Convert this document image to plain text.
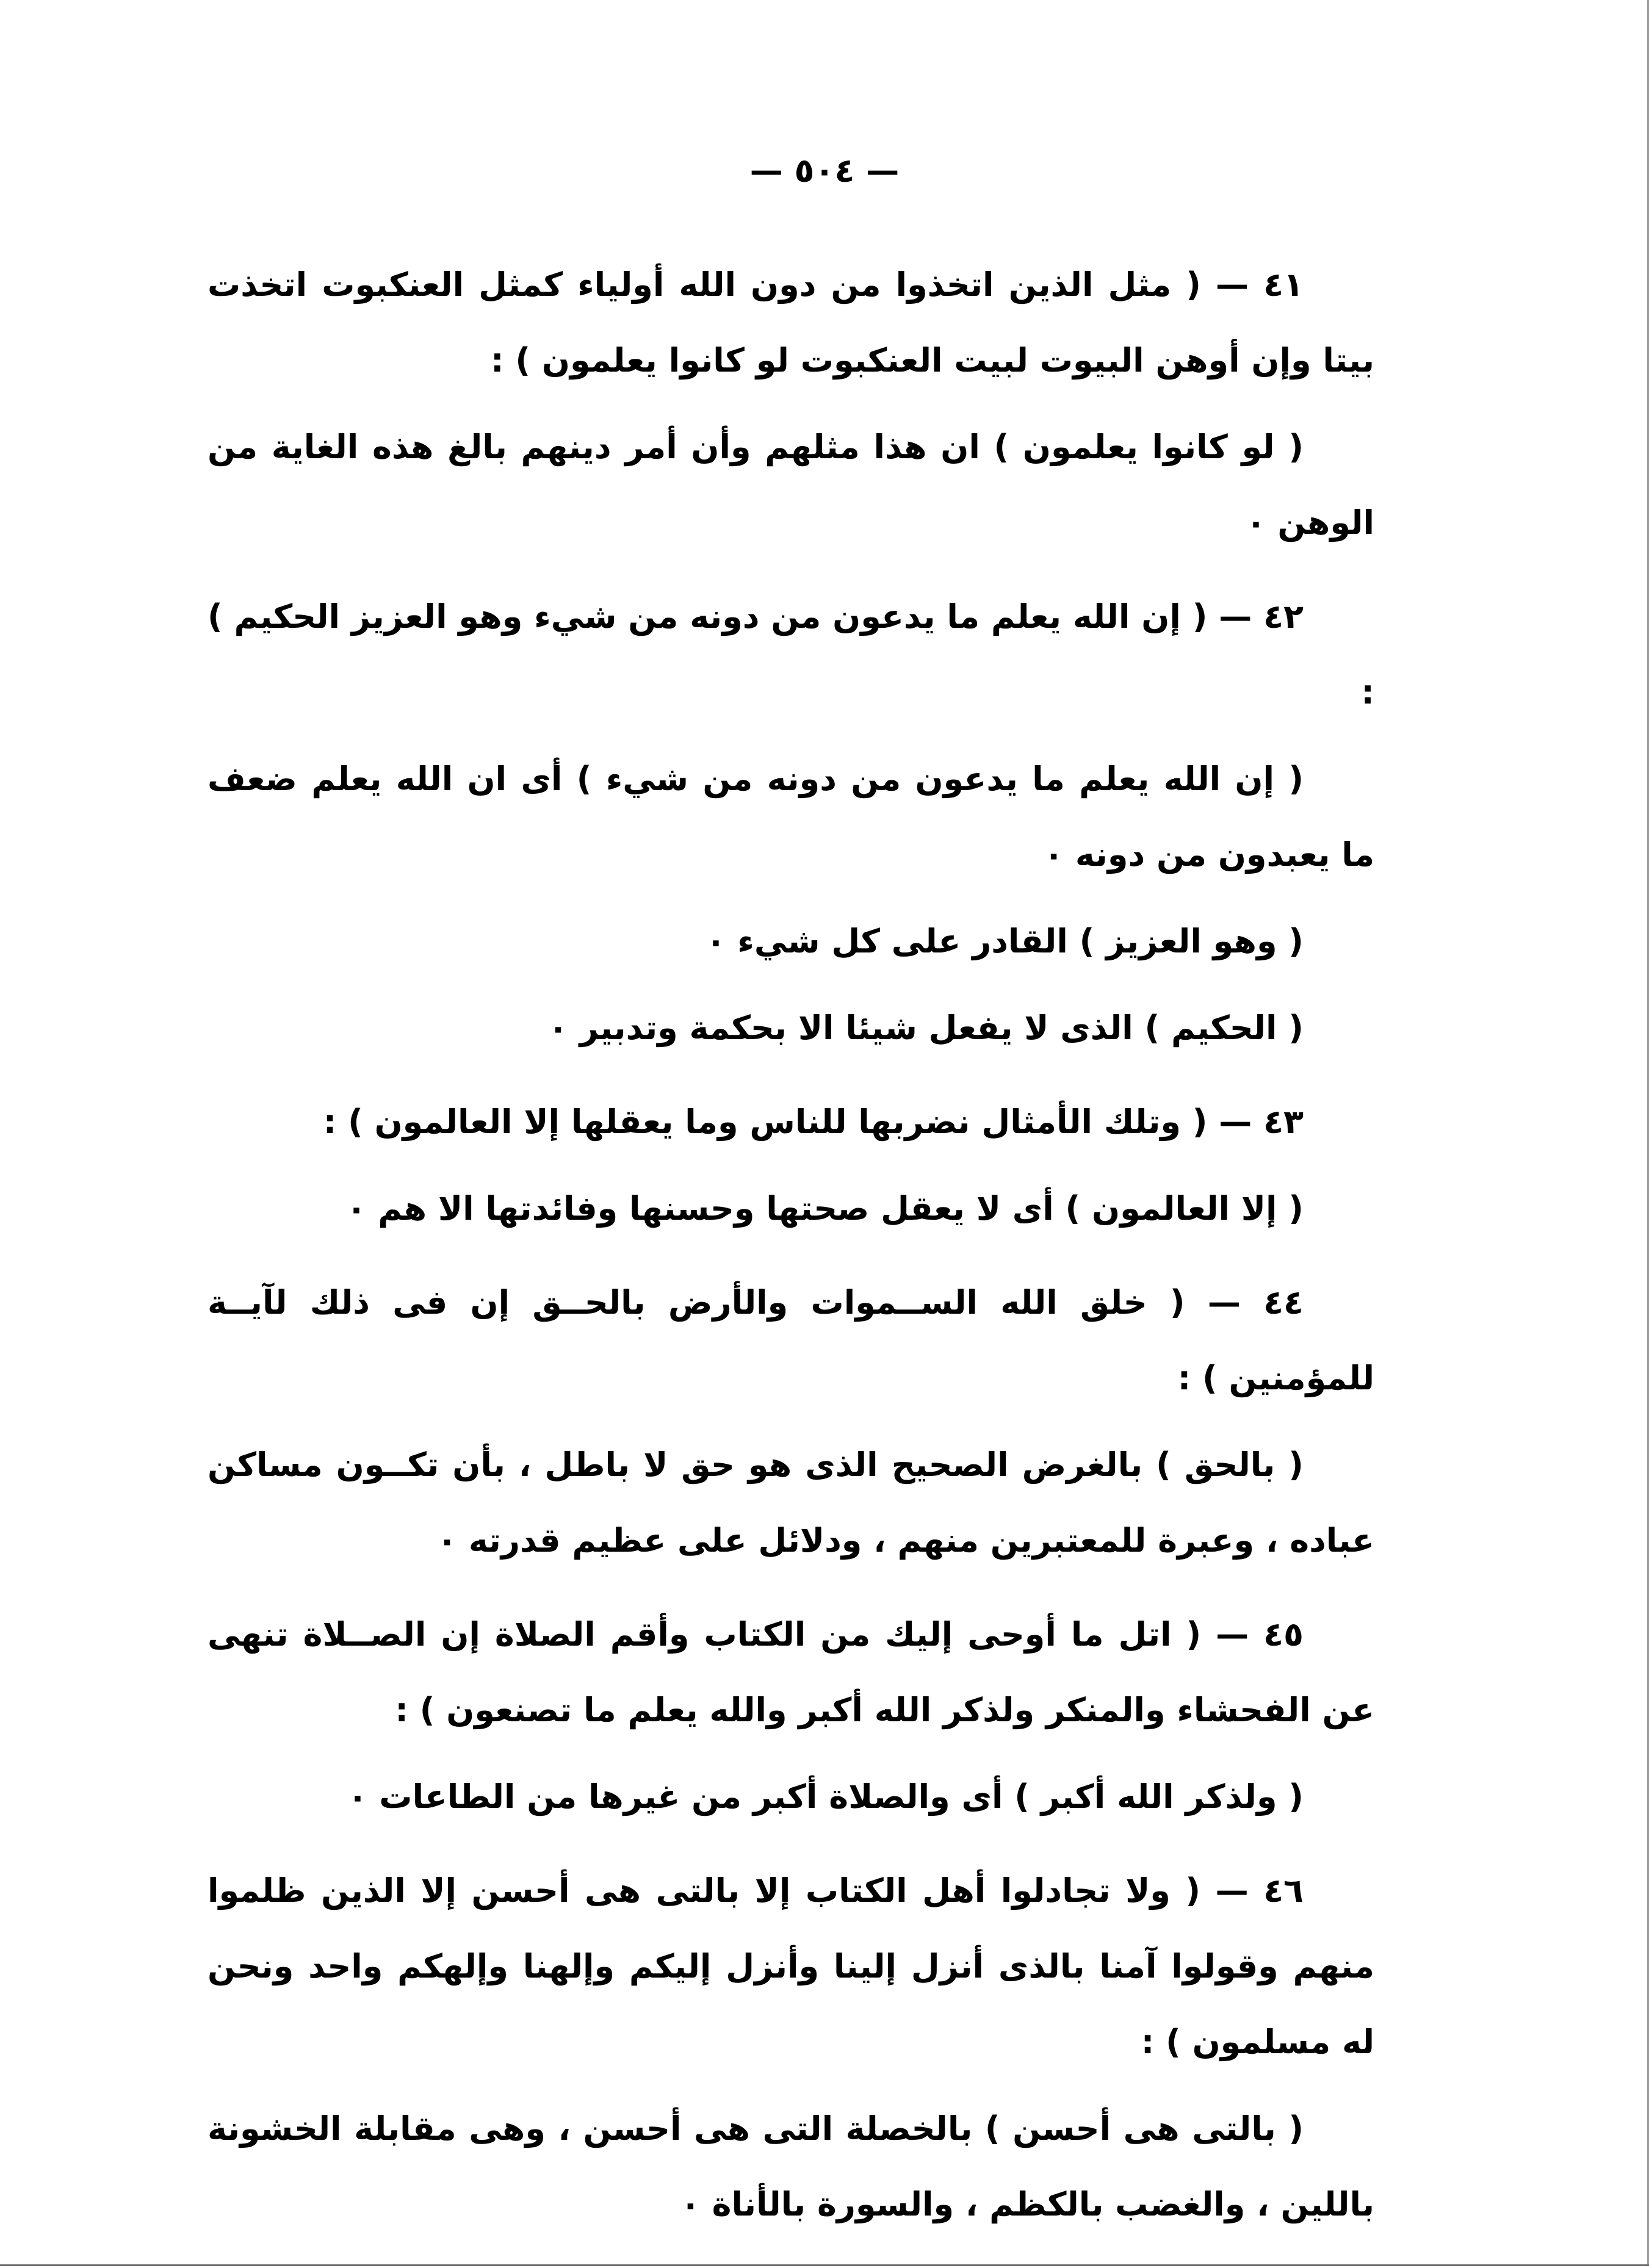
— ٥٠٤ —

٤١ — ( مثل الذين اتخذوا من دون الله أولياء كمثل العنكبوت اتخذت بيتا وإن أوهن البيوت لبيت العنكبوت لو كانوا يعلمون ) :

( لو كانوا يعلمون ) ان هذا مثلهم وأن أمر دينهم بالغ هذه الغاية من الوهن ٠

٤٢ — ( إن الله يعلم ما يدعون من دونه من شيء وهو العزيز الحكيم ) :

( إن الله يعلم ما يدعون من دونه من شيء ) أى ان الله يعلم ضعف ما يعبدون من دونه ٠

( وهو العزيز ) القادر على كل شيء ٠

( الحكيم ) الذى لا يفعل شيئا الا بحكمة وتدبير ٠

٤٣ — ( وتلك الأمثال نضربها للناس وما يعقلها إلا العالمون ) :

( إلا العالمون ) أى لا يعقل صحتها وحسنها وفائدتها الا هم ٠

٤٤ — ( خلق الله الســموات والأرض بالحــق إن فى ذلك لآيــة للمؤمنين ) :

( بالحق ) بالغرض الصحيح الذى هو حق لا باطل ، بأن تكــون مساكن عباده ، وعبرة للمعتبرين منهم ، ودلائل على عظيم قدرته ٠

٤٥ — ( اتل ما أوحى إليك من الكتاب وأقم الصلاة إن الصــلاة تنهى عن الفحشاء والمنكر ولذكر الله أكبر والله يعلم ما تصنعون ) :

( ولذكر الله أكبر ) أى والصلاة أكبر من غيرها من الطاعات ٠

٤٦ — ( ولا تجادلوا أهل الكتاب إلا بالتى هى أحسن إلا الذين ظلموا منهم وقولوا آمنا بالذى أنزل إلينا وأنزل إليكم وإلهنا وإلهكم واحد ونحن له مسلمون ) :

( بالتى هى أحسن ) بالخصلة التى هى أحسن ، وهى مقابلة الخشونة باللين ، والغضب بالكظم ، والسورة بالأناة ٠
